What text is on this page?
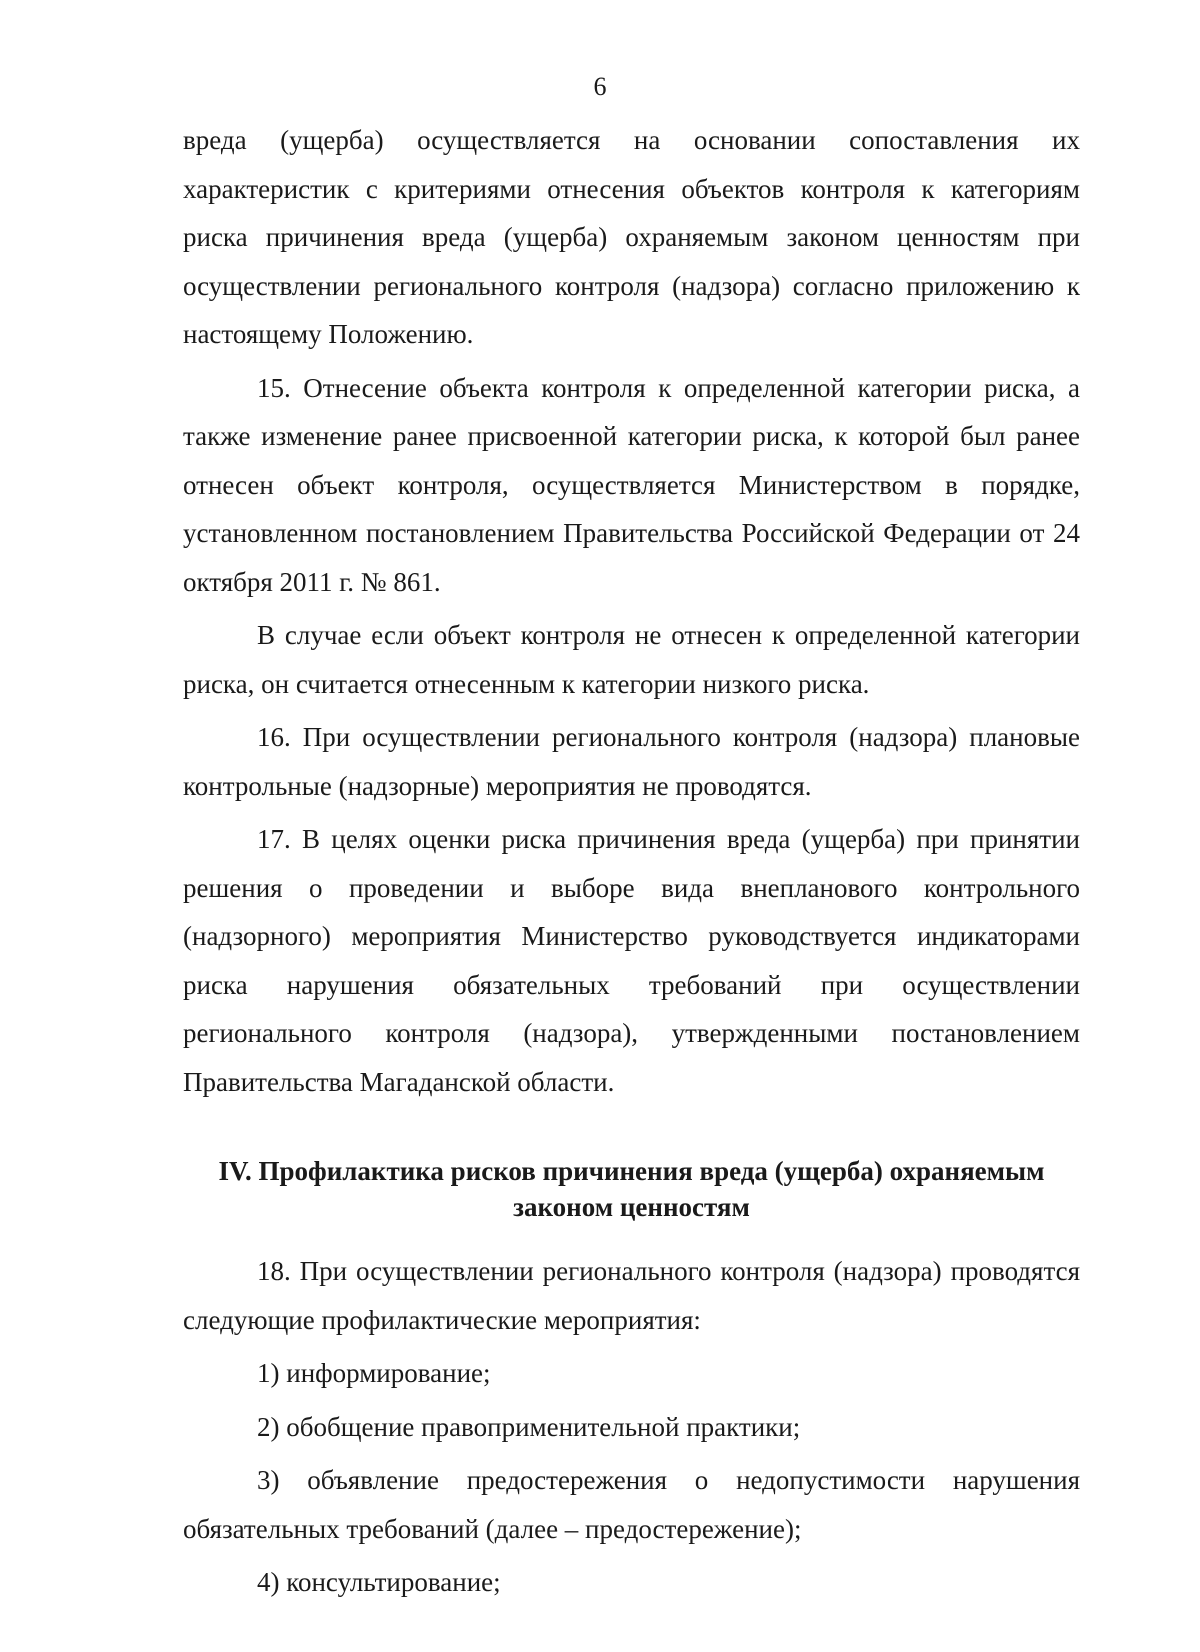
6

вреда (ущерба) осуществляется на основании сопоставления их характеристик с критериями отнесения объектов контроля к категориям риска причинения вреда (ущерба) охраняемым законом ценностям при осуществлении регионального контроля (надзора) согласно приложению к настоящему Положению.

15. Отнесение объекта контроля к определенной категории риска, а также изменение ранее присвоенной категории риска, к которой был ранее отнесен объект контроля, осуществляется Министерством в порядке, установленном постановлением Правительства Российской Федерации от 24 октября 2011 г. № 861.

В случае если объект контроля не отнесен к определенной категории риска, он считается отнесенным к категории низкого риска.

16. При осуществлении регионального контроля (надзора) плановые контрольные (надзорные) мероприятия не проводятся.

17. В целях оценки риска причинения вреда (ущерба) при принятии решения о проведении и выборе вида внепланового контрольного (надзорного) мероприятия Министерство руководствуется индикаторами риска нарушения обязательных требований при осуществлении регионального контроля (надзора), утвержденными постановлением Правительства Магаданской области.

IV. Профилактика рисков причинения вреда (ущерба) охраняемым
законом ценностям

18. При осуществлении регионального контроля (надзора) проводятся следующие профилактические мероприятия:

1) информирование;

2) обобщение правоприменительной практики;

3) объявление предостережения о недопустимости нарушения обязательных требований (далее – предостережение);

4) консультирование;
